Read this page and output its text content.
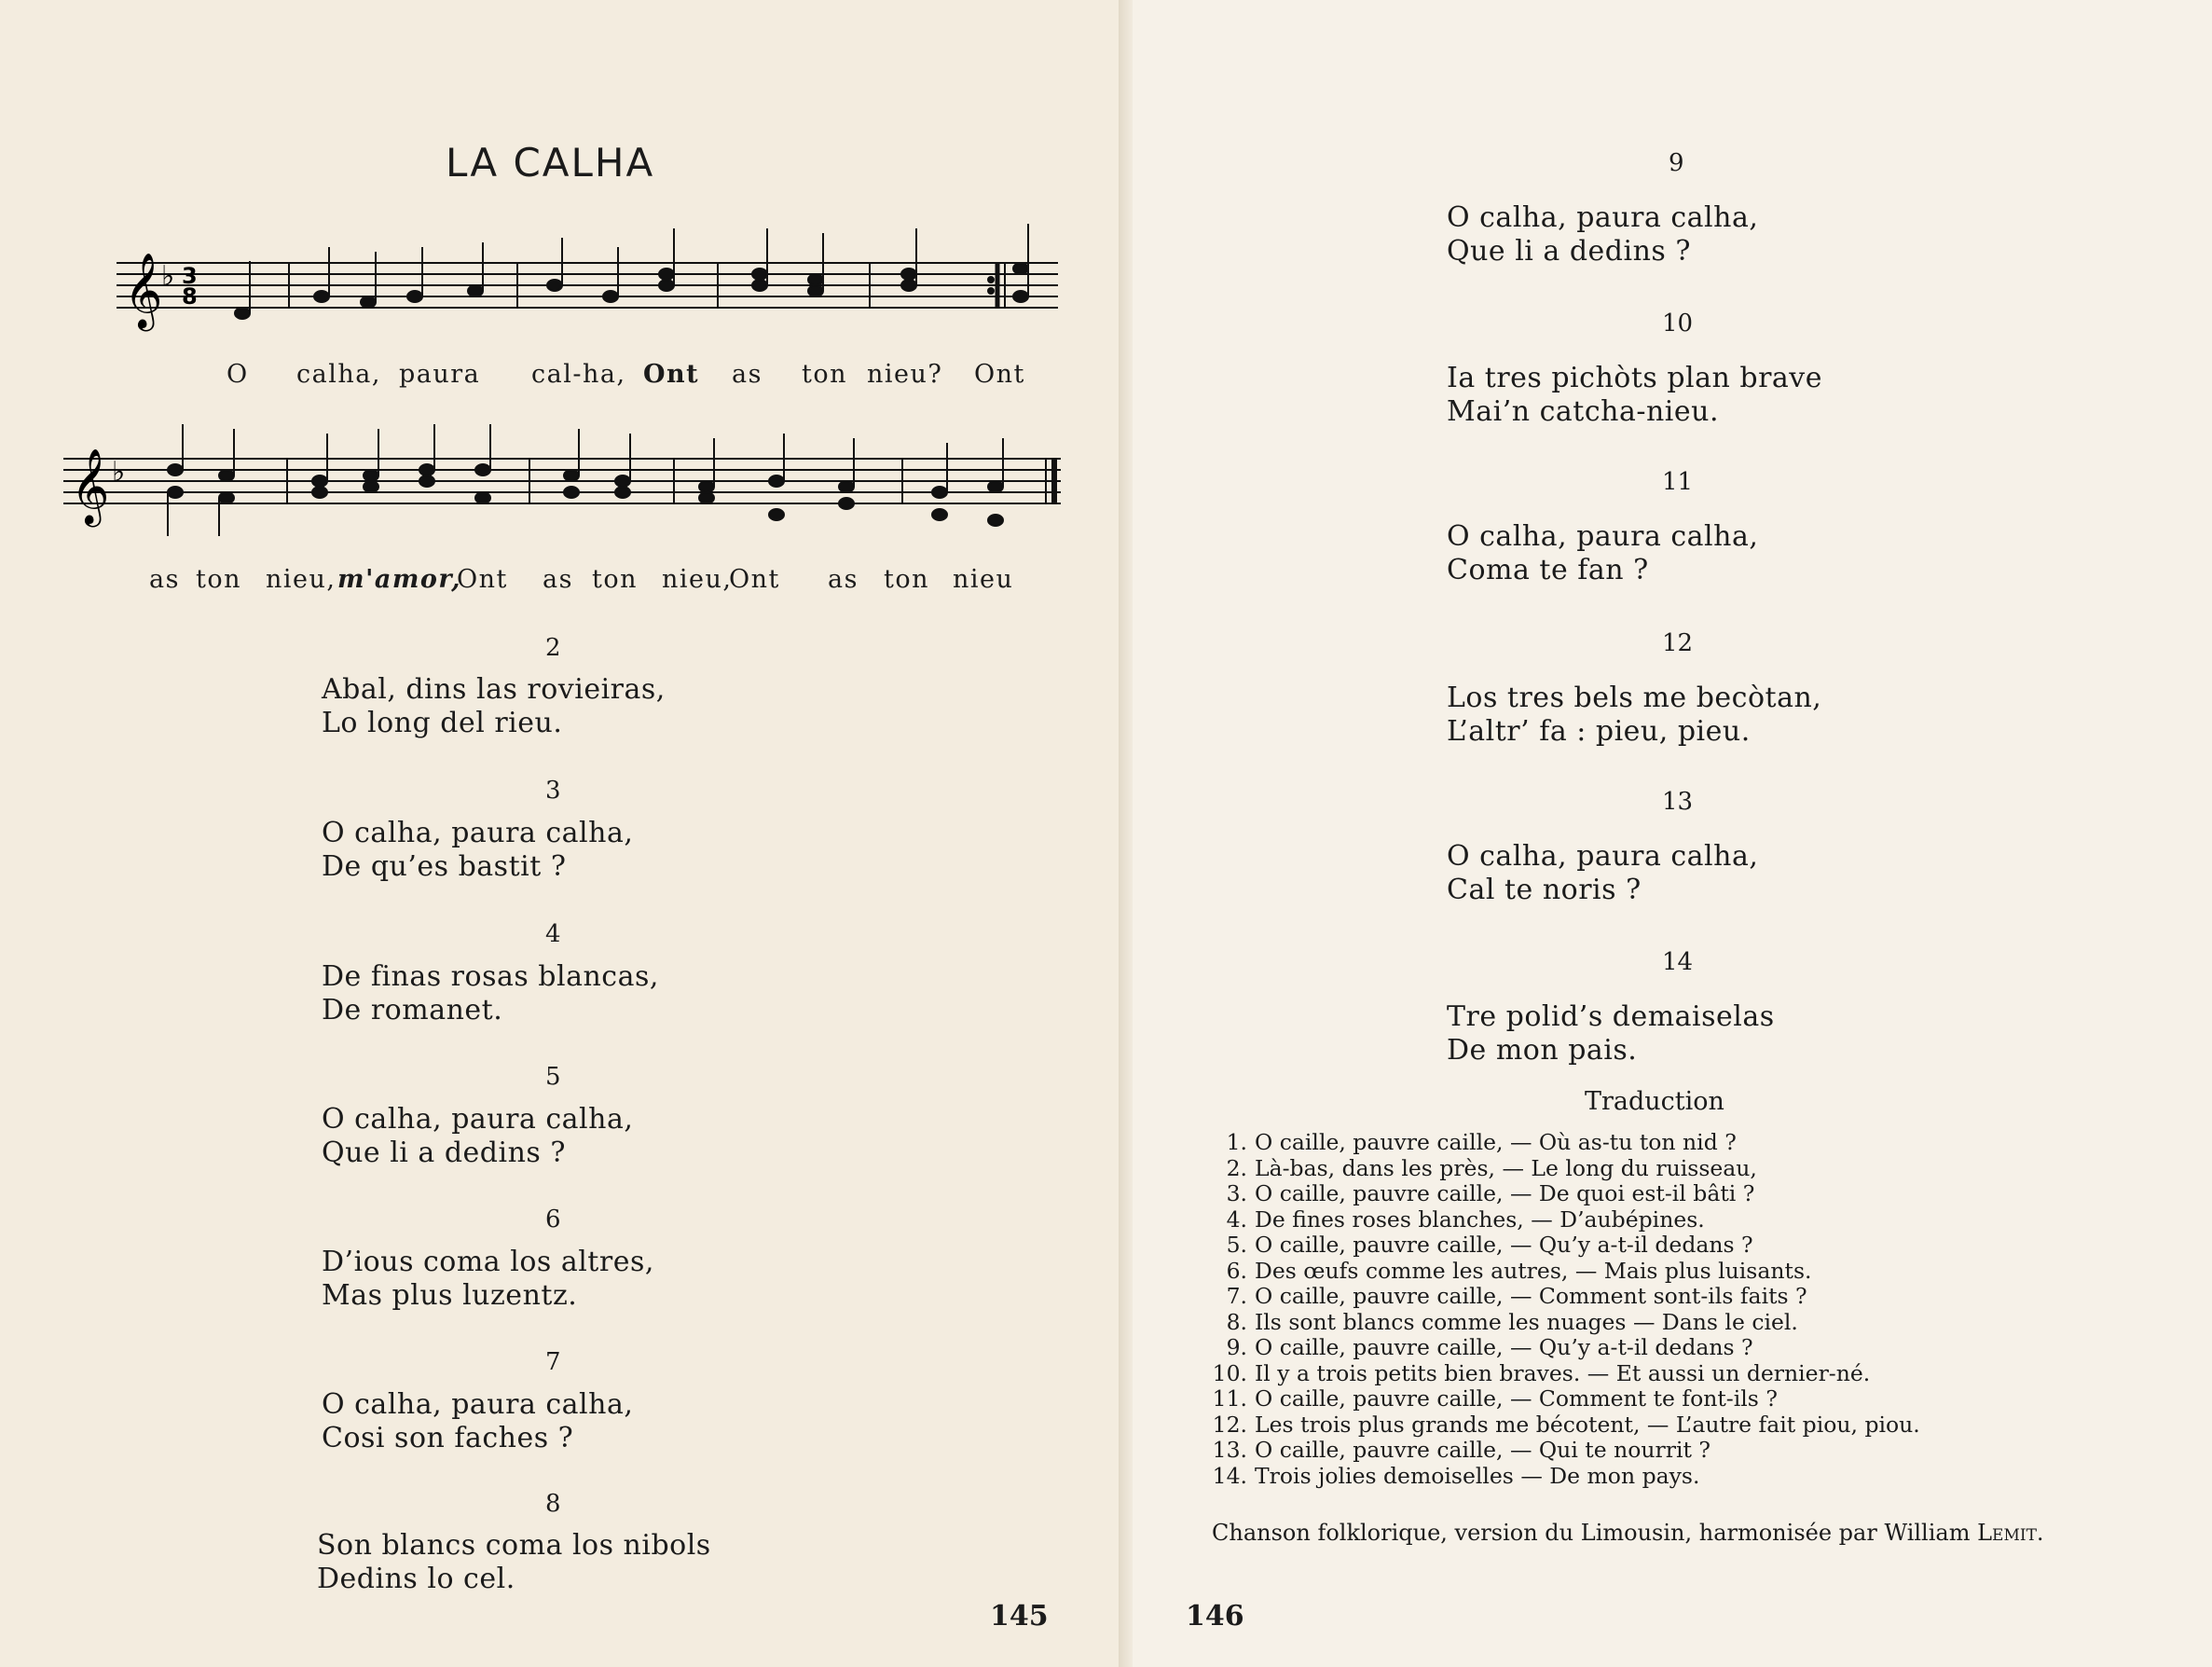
LA CALHA
𝄞
♭ 3
8
O calha, paura cal-ha, Ont as ton nieu? Ont
𝄞 ♭
as ton nieu, m'amor,
Ont as ton nieu,
Ont as ton nieu
2
Abal, dins las rovieiras,
Lo long del rieu.
3
O calha, paura calha,
De qu’es bastit ?
4
De finas rosas blancas,
De romanet.
5
O calha, paura calha,
Que li a dedins ?
6
D’ious coma los altres,
Mas plus luzentz.
7
O calha, paura calha,
Cosi son faches ?
8
Son blancs coma los nibols
Dedins lo cel.
9
O calha, paura calha,
Que li a dedins ?
10
Ia tres pichòts plan brave
Mai’n catcha-nieu.
11
O calha, paura calha,
Coma te fan ?
12
Los tres bels me becòtan,
L’altr’ fa : pieu, pieu.
13
O calha, paura calha,
Cal te noris ?
14
Tre polid’s demaiselas
De mon pais.
Traduction
1. O caille, pauvre caille, — Où as-tu ton nid ?
2. Là-bas, dans les près, — Le long du ruisseau,
3. O caille, pauvre caille, — De quoi est-il bâti ?
4. De fines roses blanches, — D’aubépines.
5. O caille, pauvre caille, — Qu’y a-t-il dedans ?
6. Des œufs comme les autres, — Mais plus luisants.
7. O caille, pauvre caille, — Comment sont-ils faits ?
8. Ils sont blancs comme les nuages — Dans le ciel.
9. O caille, pauvre caille, — Qu’y a-t-il dedans ?
10. Il y a trois petits bien braves. — Et aussi un dernier-né.
11. O caille, pauvre caille, — Comment te font-ils ?
12. Les trois plus grands me bécotent, — L’autre fait piou, piou.
13. O caille, pauvre caille, — Qui te nourrit ?
14. Trois jolies demoiselles — De mon pays.
Chanson folklorique, version du Limousin, harmonisée par William Lemit.
145	146
